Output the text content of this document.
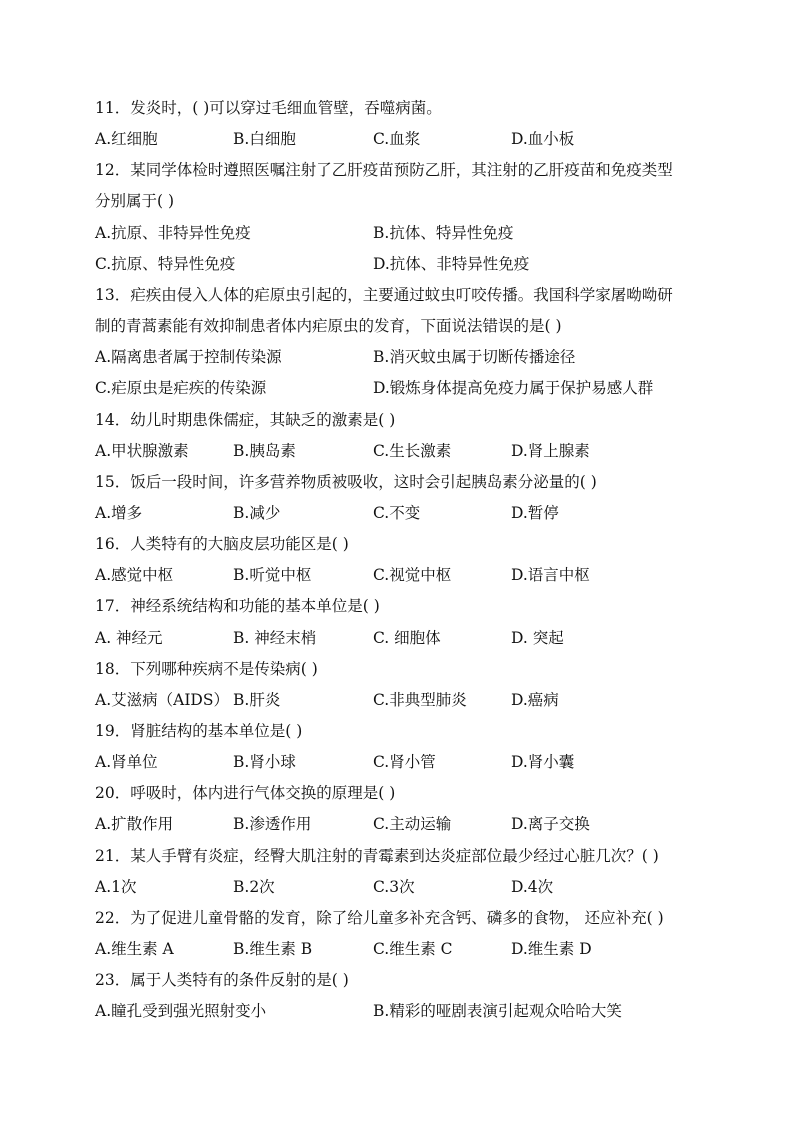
11．发炎时，( )可以穿过毛细血管壁，吞噬病菌。
A.红细胞	B.白细胞	C.血浆	D.血小板
12．某同学体检时遵照医嘱注射了乙肝疫苗预防乙肝，其注射的乙肝疫苗和免疫类型
分别属于( )
A.抗原、非特异性免疫	B.抗体、特异性免疫
C.抗原、特异性免疫	D.抗体、非特异性免疫
13．疟疾由侵入人体的疟原虫引起的，主要通过蚊虫叮咬传播。我国科学家屠呦呦研
制的青蒿素能有效抑制患者体内疟原虫的发育，下面说法错误的是( )
A.隔离患者属于控制传染源	B.消灭蚊虫属于切断传播途径
C.疟原虫是疟疾的传染源	D.锻炼身体提高免疫力属于保护易感人群
14．幼儿时期患侏儒症，其缺乏的激素是( )
A.甲状腺激素	B.胰岛素	C.生长激素	D.肾上腺素
15．饭后一段时间，许多营养物质被吸收，这时会引起胰岛素分泌量的( )
A.增多	B.减少	C.不变	D.暂停
16．人类特有的大脑皮层功能区是( )
A.感觉中枢	B.听觉中枢	C.视觉中枢	D.语言中枢
17．神经系统结构和功能的基本单位是( )
A. 神经元	B. 神经末梢	C. 细胞体	D. 突起
18．下列哪种疾病不是传染病( )
A.艾滋病（AIDS） B.肝炎	C.非典型肺炎	D.癌病
19．肾脏结构的基本单位是( )
A.肾单位	B.肾小球	C.肾小管	D.肾小囊
20．呼吸时，体内进行气体交换的原理是( )
A.扩散作用	B.渗透作用	C.主动运输	D.离子交换
21．某人手臂有炎症，经臀大肌注射的青霉素到达炎症部位最少经过心脏几次？( )
A.1次	B.2次	C.3次	D.4次
22．为了促进儿童骨骼的发育，除了给儿童多补充含钙、磷多的食物， 还应补充( )
A.维生素 A	B.维生素 B	C.维生素 C	D.维生素 D
23．属于人类特有的条件反射的是( )
A.瞳孔受到强光照射变小	B.精彩的哑剧表演引起观众哈哈大笑
